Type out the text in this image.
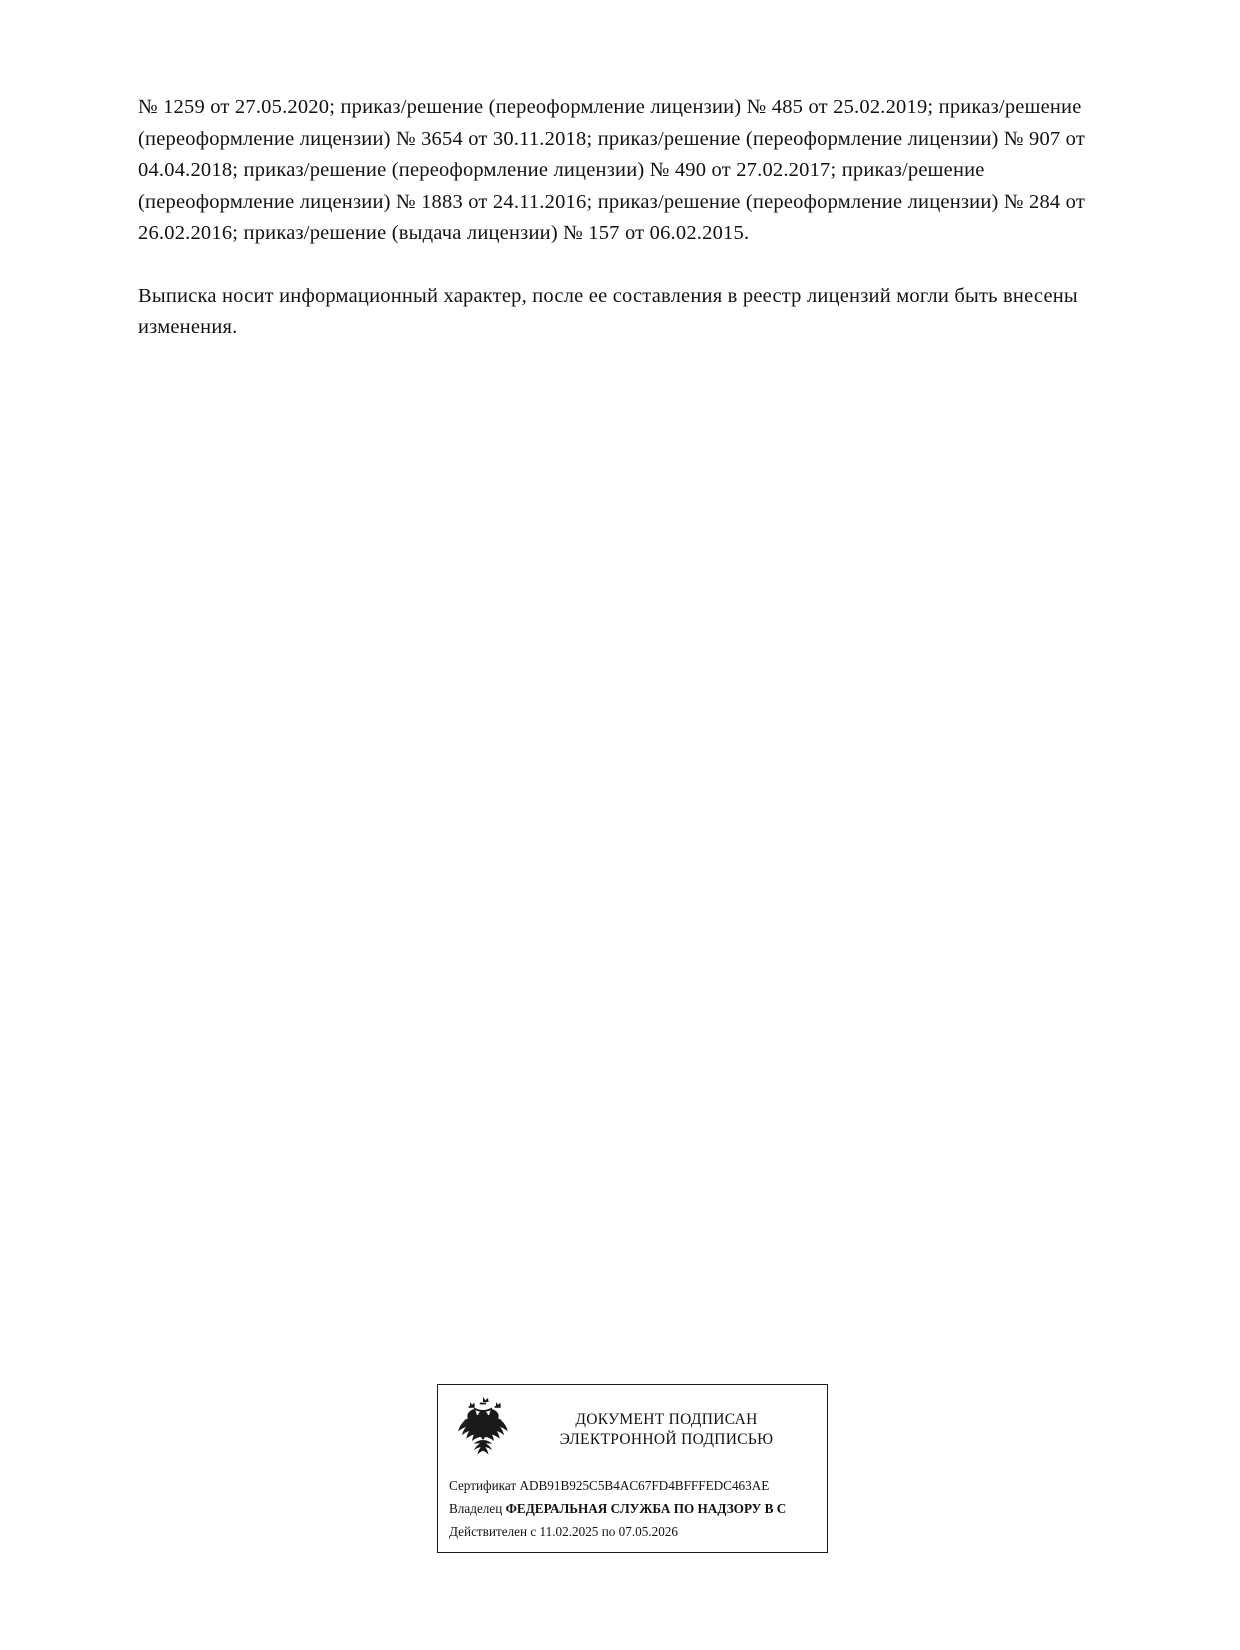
№ 1259 от 27.05.2020; приказ/решение (переоформление лицензии) № 485 от 25.02.2019; приказ/решение (переоформление лицензии) № 3654 от 30.11.2018; приказ/решение (переоформление лицензии) № 907 от 04.04.2018; приказ/решение (переоформление лицензии) № 490 от 27.02.2017; приказ/решение (переоформление лицензии) № 1883 от 24.11.2016; приказ/решение (переоформление лицензии) № 284 от 26.02.2016; приказ/решение (выдача лицензии) № 157 от 06.02.2015.

Выписка носит информационный характер, после ее составления в реестр лицензий могли быть внесены изменения.

ДОКУМЕНТ ПОДПИСАН
ЭЛЕКТРОННОЙ ПОДПИСЬЮ
Сертификат ADB91B925C5B4AC67FD4BFFFEDC463AE
Владелец ФЕДЕРАЛЬНАЯ СЛУЖБА ПО НАДЗОРУ В С
Действителен с 11.02.2025 по 07.05.2026
